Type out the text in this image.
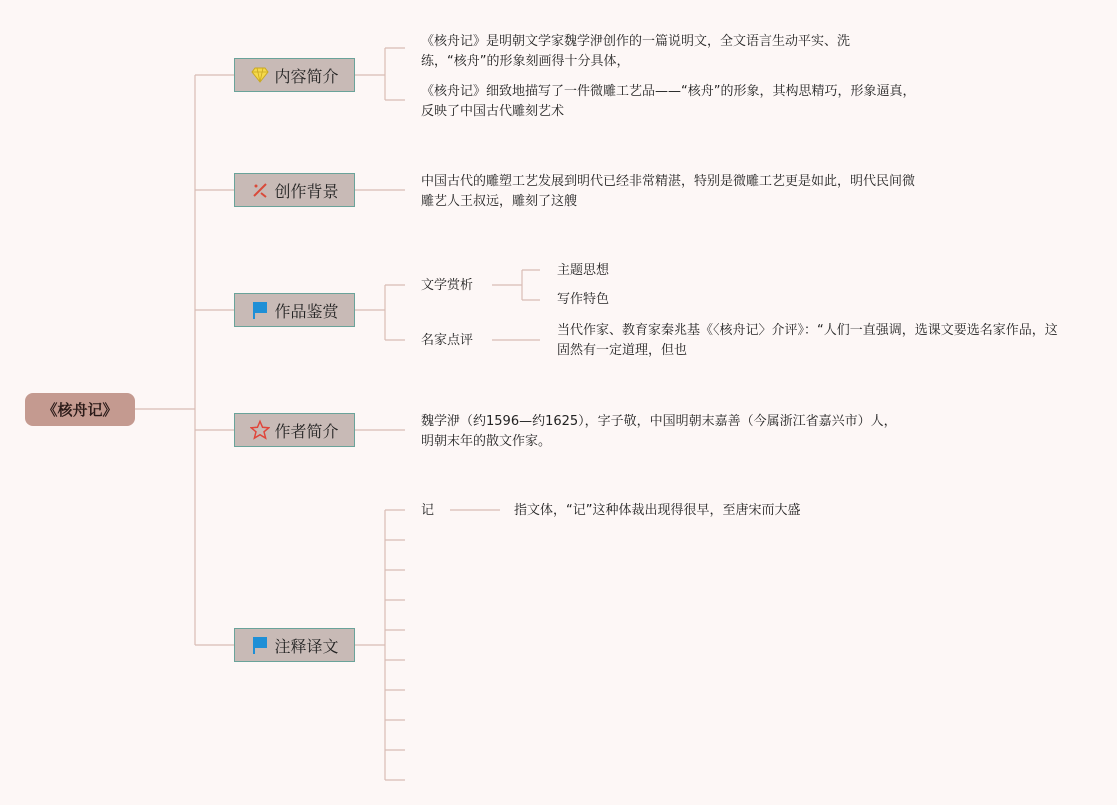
《核舟记》
内容简介
《核舟记》是明朝文学家魏学洢创作的一篇说明文，全文语言生动平实、洗练，“核舟”的形象刻画得十分具体，
《核舟记》细致地描写了一件微雕工艺品——“核舟”的形象，其构思精巧，形象逼真，反映了中国古代雕刻艺术
创作背景	中国古代的雕塑工艺发展到明代已经非常精湛，特别是微雕工艺更是如此，明代民间微雕艺人王叔远，雕刻了这艘
作品鉴赏
文学赏析
主题思想
写作特色
名家点评
当代作家、教育家秦兆基《〈核舟记〉介评》：“人们一直强调，选课文要选名家作品，这固然有一定道理，但也
作者简介	魏学洢（约1596—约1625），字子敬，中国明朝末嘉善（今属浙江省嘉兴市）人，明朝末年的散文作家。
注释译文
记	指文体，“记”这种体裁出现得很早，至唐宋而大盛
